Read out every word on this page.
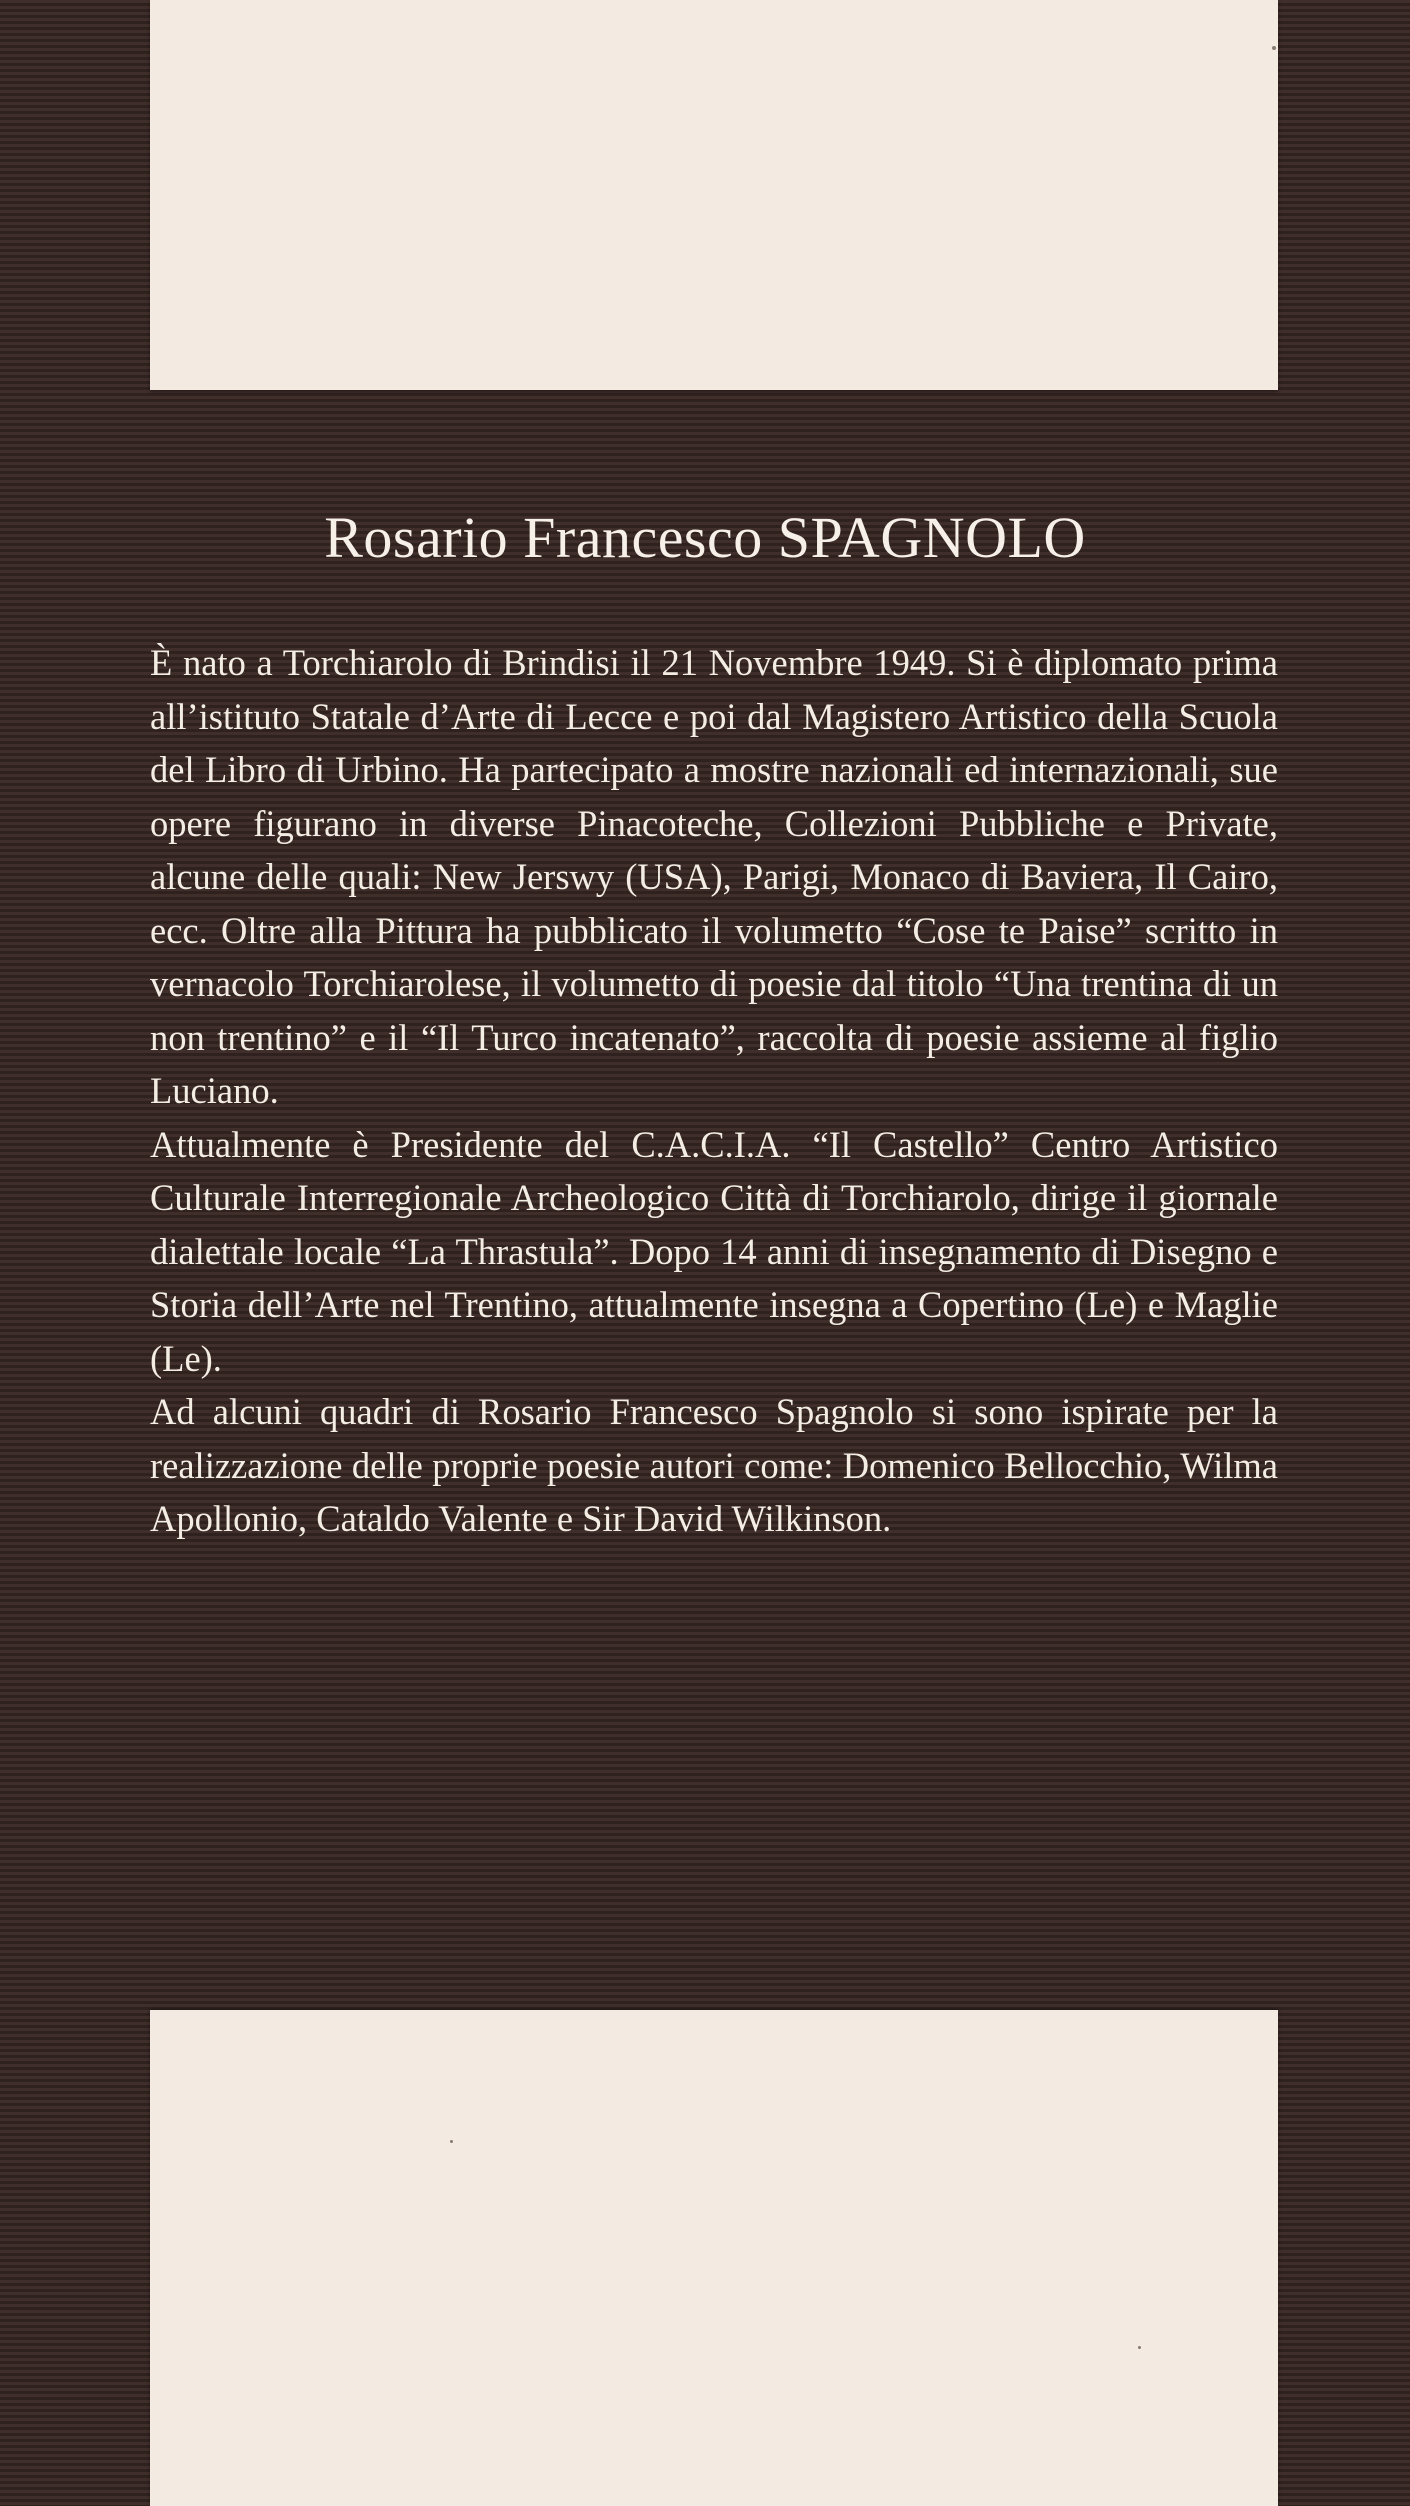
Rosario Francesco SPAGNOLO

È nato a Torchiarolo di Brindisi il 21 Novembre 1949. Si è diplomato prima all’istituto Statale d’Arte di Lecce e poi dal Magistero Artistico della Scuola del Libro di Urbino. Ha partecipato a mostre nazionali ed internazionali, sue opere figurano in diverse Pinacoteche, Collezioni Pubbliche e Private, alcune delle quali: New Jerswy (USA), Parigi, Monaco di Baviera, Il Cairo, ecc. Oltre alla Pittura ha pubblicato il volumetto “Cose te Paise” scritto in vernacolo Torchiarolese, il volumetto di poesie dal titolo “Una trentina di un non trentino” e il “Il Turco incatenato”, raccolta di poesie assieme al figlio Luciano.

Attualmente è Presidente del C.A.C.I.A. “Il Castello” Centro Artistico Culturale Interregionale Archeologico Città di Torchiarolo, dirige il giornale dialettale locale “La Thrastula”. Dopo 14 anni di insegnamento di Disegno e Storia dell’Arte nel Trentino, attualmente insegna a Copertino (Le) e Maglie (Le).

Ad alcuni quadri di Rosario Francesco Spagnolo si sono ispirate per la realizzazione delle proprie poesie autori come: Domenico Bellocchio, Wilma Apollonio, Cataldo Valente e Sir David Wilkinson.
